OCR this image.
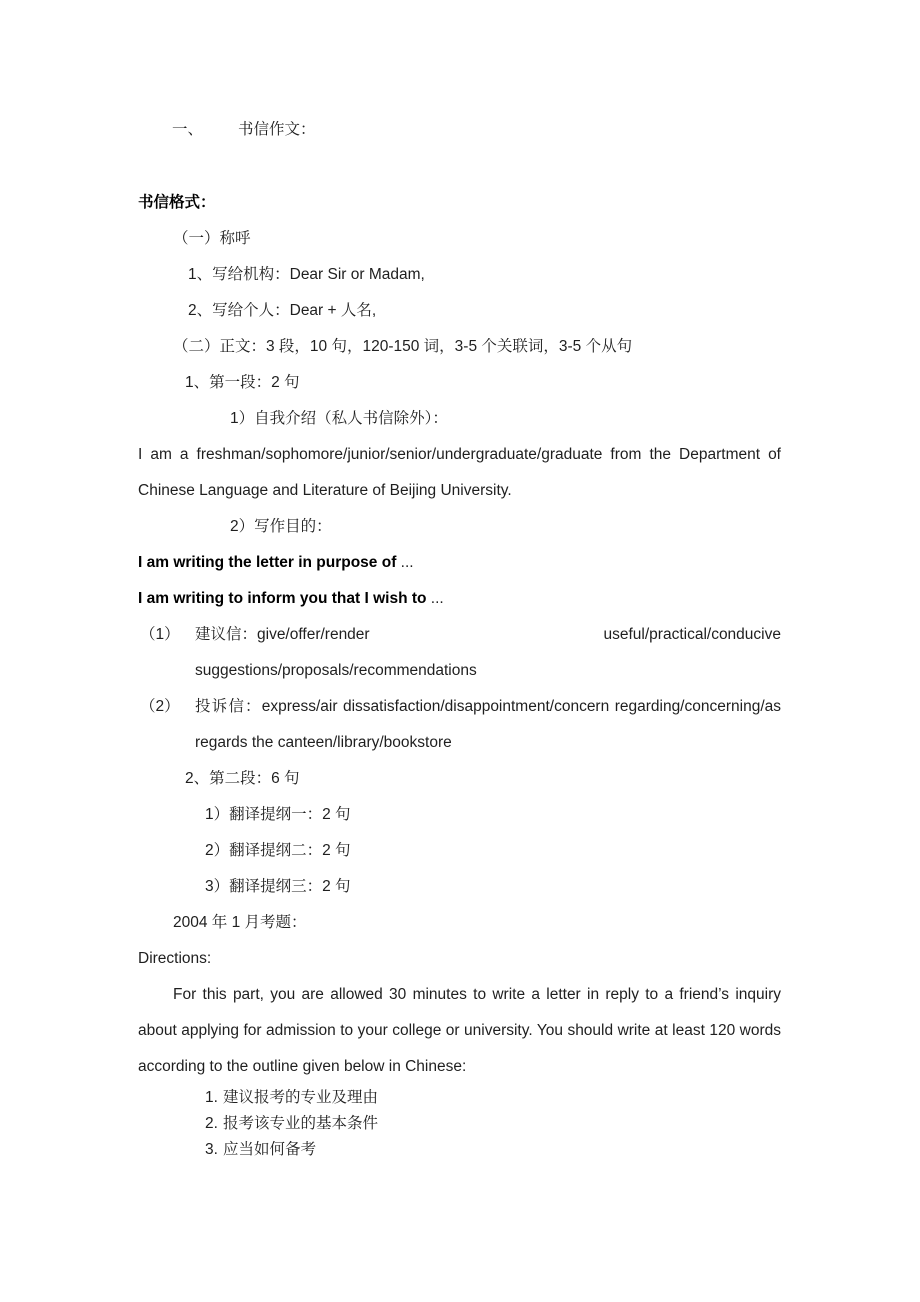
一、 书信作文：
书信格式：
（一）称呼
1、写给机构：Dear Sir or Madam,
2、写给个人：Dear + 人名,
（二）正文：3 段，10 句，120-150 词，3-5 个关联词，3-5 个从句
1、第一段：2 句
1）自我介绍（私人书信除外）：
I am a freshman/sophomore/junior/senior/undergraduate/graduate from the Department of Chinese Language and Literature of Beijing University.
2）写作目的：
I am writing the letter in purpose of ...
I am writing to inform you that I wish to ...
（1） 建议信：give/offer/render	useful/practical/conducive
suggestions/proposals/recommendations
（2） 投诉信：express/air dissatisfaction/disappointment/concern regarding/concerning/as regards the canteen/library/bookstore
2、第二段：6 句
1）翻译提纲一：2 句
2）翻译提纲二：2 句
3）翻译提纲三：2 句
2004 年 1 月考题：
Directions:
For this part, you are allowed 30 minutes to write a letter in reply to a friend’s inquiry about applying for admission to your college or university. You should write at least 120 words according to the outline given below in Chinese:
1. 建议报考的专业及理由
2. 报考该专业的基本条件
3. 应当如何备考
